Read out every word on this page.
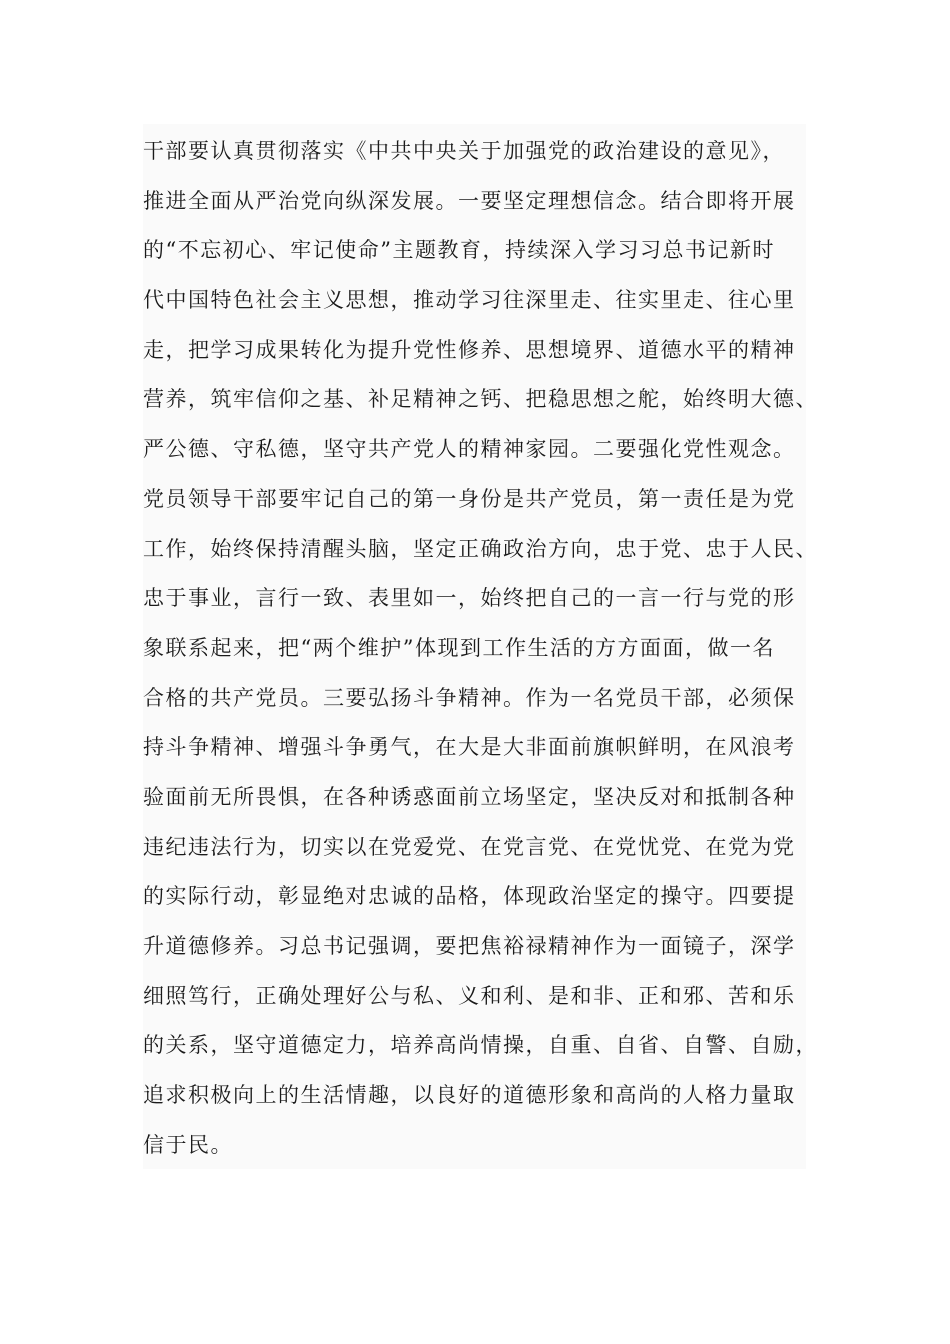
干部要认真贯彻落实《中共中央关于加强党的政治建设的意见》，
推进全面从严治党向纵深发展。一要坚定理想信念。结合即将开展
的“不忘初心、牢记使命”主题教育，持续深入学习习总书记新时
代中国特色社会主义思想，推动学习往深里走、往实里走、往心里
走，把学习成果转化为提升党性修养、思想境界、道德水平的精神
营养，筑牢信仰之基、补足精神之钙、把稳思想之舵，始终明大德、
严公德、守私德，坚守共产党人的精神家园。二要强化党性观念。
党员领导干部要牢记自己的第一身份是共产党员，第一责任是为党
工作，始终保持清醒头脑，坚定正确政治方向，忠于党、忠于人民、
忠于事业，言行一致、表里如一，始终把自己的一言一行与党的形
象联系起来，把“两个维护”体现到工作生活的方方面面，做一名
合格的共产党员。三要弘扬斗争精神。作为一名党员干部，必须保
持斗争精神、增强斗争勇气，在大是大非面前旗帜鲜明，在风浪考
验面前无所畏惧，在各种诱惑面前立场坚定，坚决反对和抵制各种
违纪违法行为，切实以在党爱党、在党言党、在党忧党、在党为党
的实际行动，彰显绝对忠诚的品格，体现政治坚定的操守。四要提
升道德修养。习总书记强调，要把焦裕禄精神作为一面镜子，深学
细照笃行，正确处理好公与私、义和利、是和非、正和邪、苦和乐
的关系，坚守道德定力，培养高尚情操，自重、自省、自警、自励，
追求积极向上的生活情趣，以良好的道德形象和高尚的人格力量取
信于民。
